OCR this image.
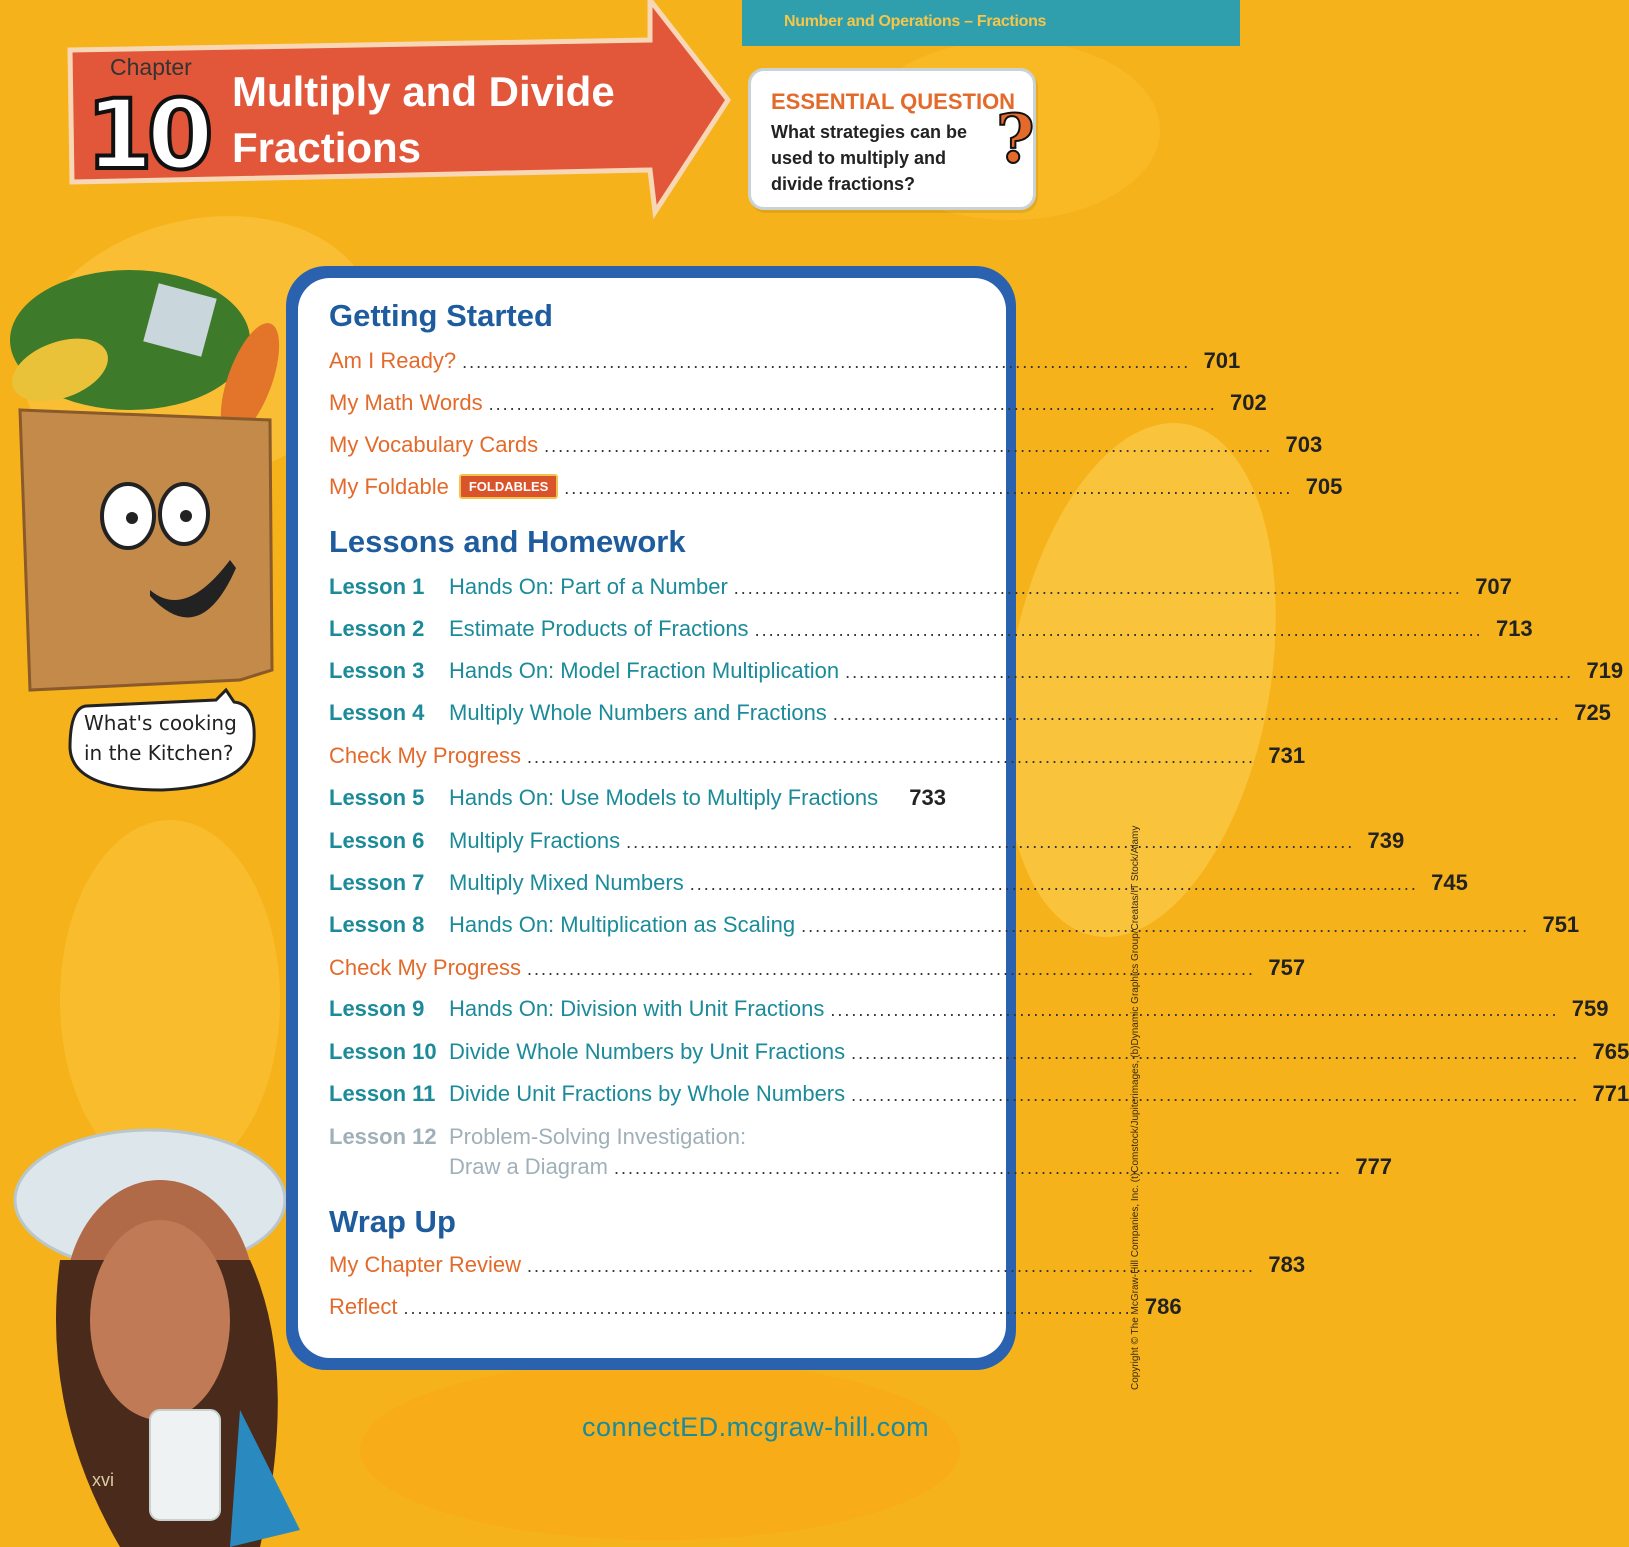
Number and Operations – Fractions
Chapter
10 Multiply and Divide
Fractions
ESSENTIAL QUESTION
What strategies can be used to multiply and divide fractions?
?
What's cooking in the Kitchen?
Getting Started
Am I Ready? ........................................................................................................ 701
My Math Words ........................................................................................................ 702
My Vocabulary Cards ........................................................................................................ 703
My Foldable	FOLDABLES ........................................................................................................ 705
Lessons and Homework
Lesson 1	Hands On: Part of a Number ........................................................................................................ 707
Lesson 2	Estimate Products of Fractions ........................................................................................................ 713
Lesson 3	Hands On: Model Fraction Multiplication ........................................................................................................ 719
Lesson 4	Multiply Whole Numbers and Fractions ........................................................................................................ 725
Check My Progress ........................................................................................................ 731
Lesson 5	Hands On: Use Models to Multiply Fractions	733
Lesson 6	Multiply Fractions ........................................................................................................ 739
Lesson 7	Multiply Mixed Numbers ........................................................................................................ 745
Lesson 8	Hands On: Multiplication as Scaling ........................................................................................................ 751
Check My Progress ........................................................................................................ 757
Lesson 9	Hands On: Division with Unit Fractions ........................................................................................................ 759
Lesson 10 Divide Whole Numbers by Unit Fractions ........................................................................................................ 765
Lesson 11 Divide Unit Fractions by Whole Numbers ........................................................................................................ 771
Lesson 12 Problem-Solving Investigation:
Draw a Diagram ........................................................................................................ 777
Wrap Up
My Chapter Review ........................................................................................................ 783
Reflect ........................................................................................................ 786
connectED.mcgraw-hill.com
xvi
Copyright © The McGraw-Hill Companies, Inc. (t)Comstock/Jupiterimages, (b)Dynamic Graphics Group/Creatas/IT Stock/Alamy
